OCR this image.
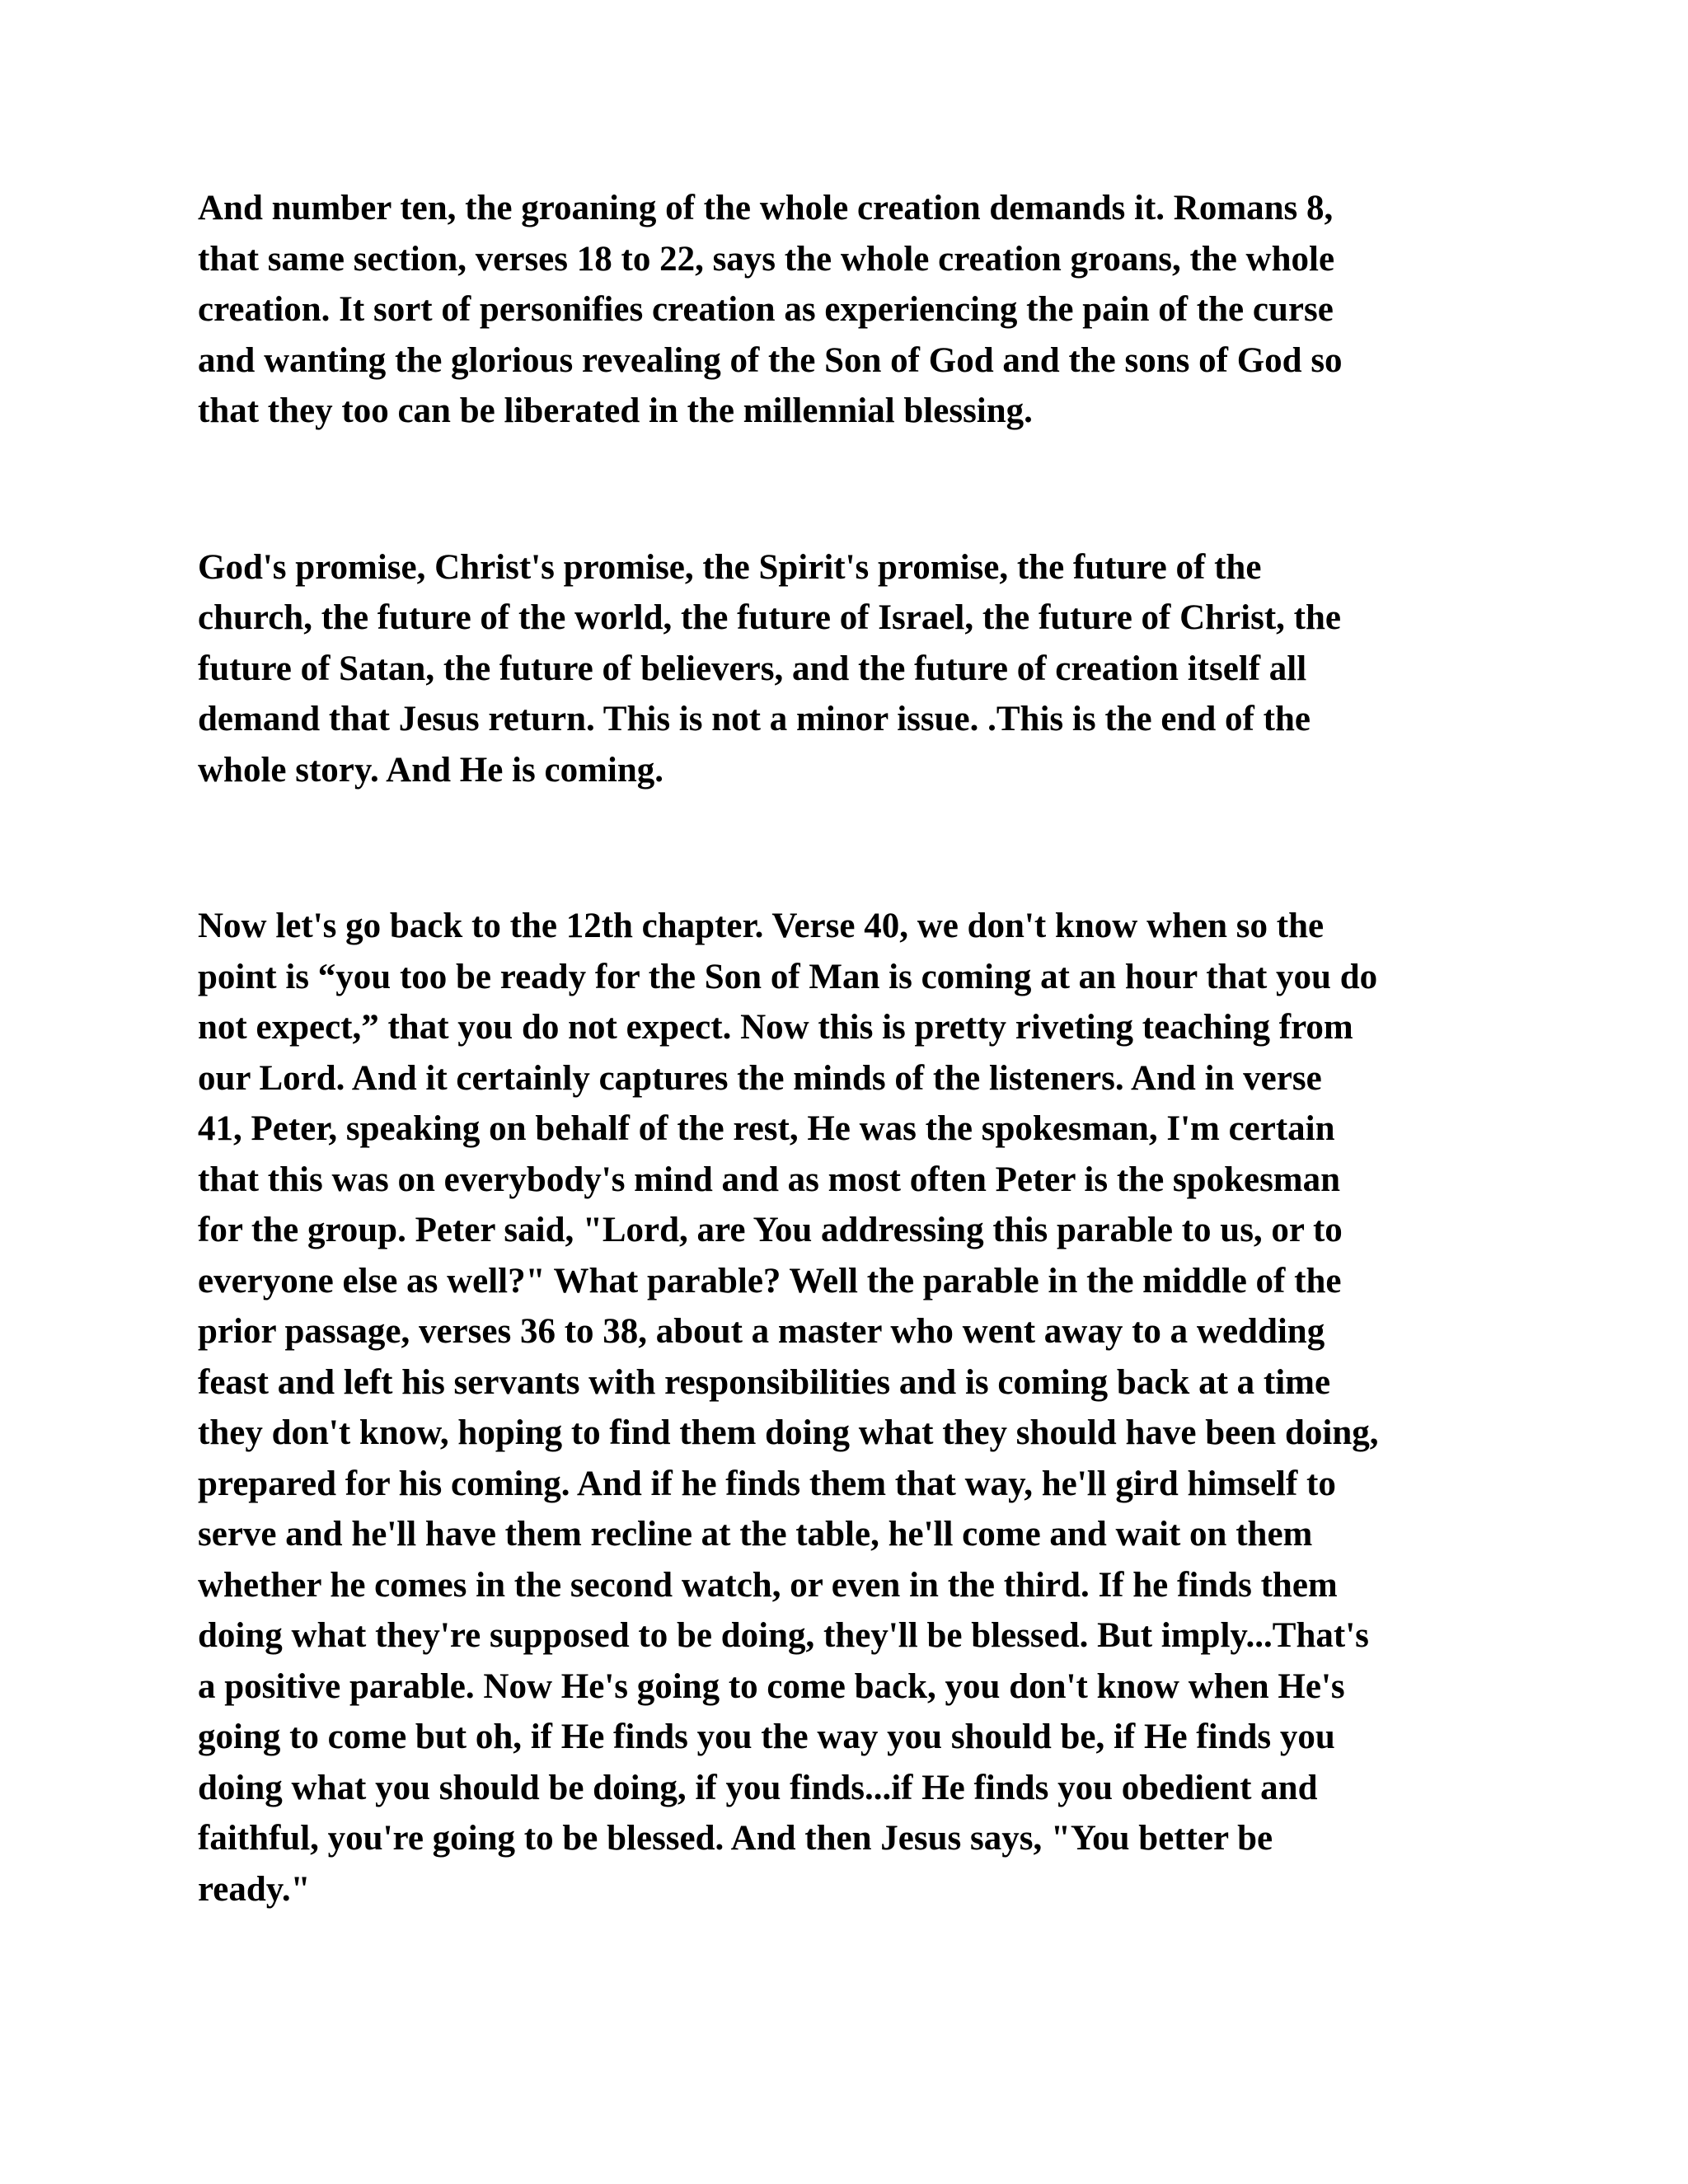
And number ten, the groaning of the whole creation demands it. Romans 8,
that same section, verses 18 to 22, says the whole creation groans, the whole
creation. It sort of personifies creation as experiencing the pain of the curse
and wanting the glorious revealing of the Son of God and the sons of God so
that they too can be liberated in the millennial blessing.
God's promise, Christ's promise, the Spirit's promise, the future of the
church, the future of the world, the future of Israel, the future of Christ, the
future of Satan, the future of believers, and the future of creation itself all
demand that Jesus return. This is not a minor issue. .This is the end of the
whole story. And He is coming.
Now let's go back to the 12th chapter. Verse 40, we don't know when so the
point is “you too be ready for the Son of Man is coming at an hour that you do
not expect,” that you do not expect. Now this is pretty riveting teaching from
our Lord. And it certainly captures the minds of the listeners. And in verse
41, Peter, speaking on behalf of the rest, He was the spokesman, I'm certain
that this was on everybody's mind and as most often Peter is the spokesman
for the group. Peter said, "Lord, are You addressing this parable to us, or to
everyone else as well?" What parable? Well the parable in the middle of the
prior passage, verses 36 to 38, about a master who went away to a wedding
feast and left his servants with responsibilities and is coming back at a time
they don't know, hoping to find them doing what they should have been doing,
prepared for his coming. And if he finds them that way, he'll gird himself to
serve and he'll have them recline at the table, he'll come and wait on them
whether he comes in the second watch, or even in the third. If he finds them
doing what they're supposed to be doing, they'll be blessed. But imply...That's
a positive parable. Now He's going to come back, you don't know when He's
going to come but oh, if He finds you the way you should be, if He finds you
doing what you should be doing, if you finds...if He finds you obedient and
faithful, you're going to be blessed. And then Jesus says, "You better be
ready."
